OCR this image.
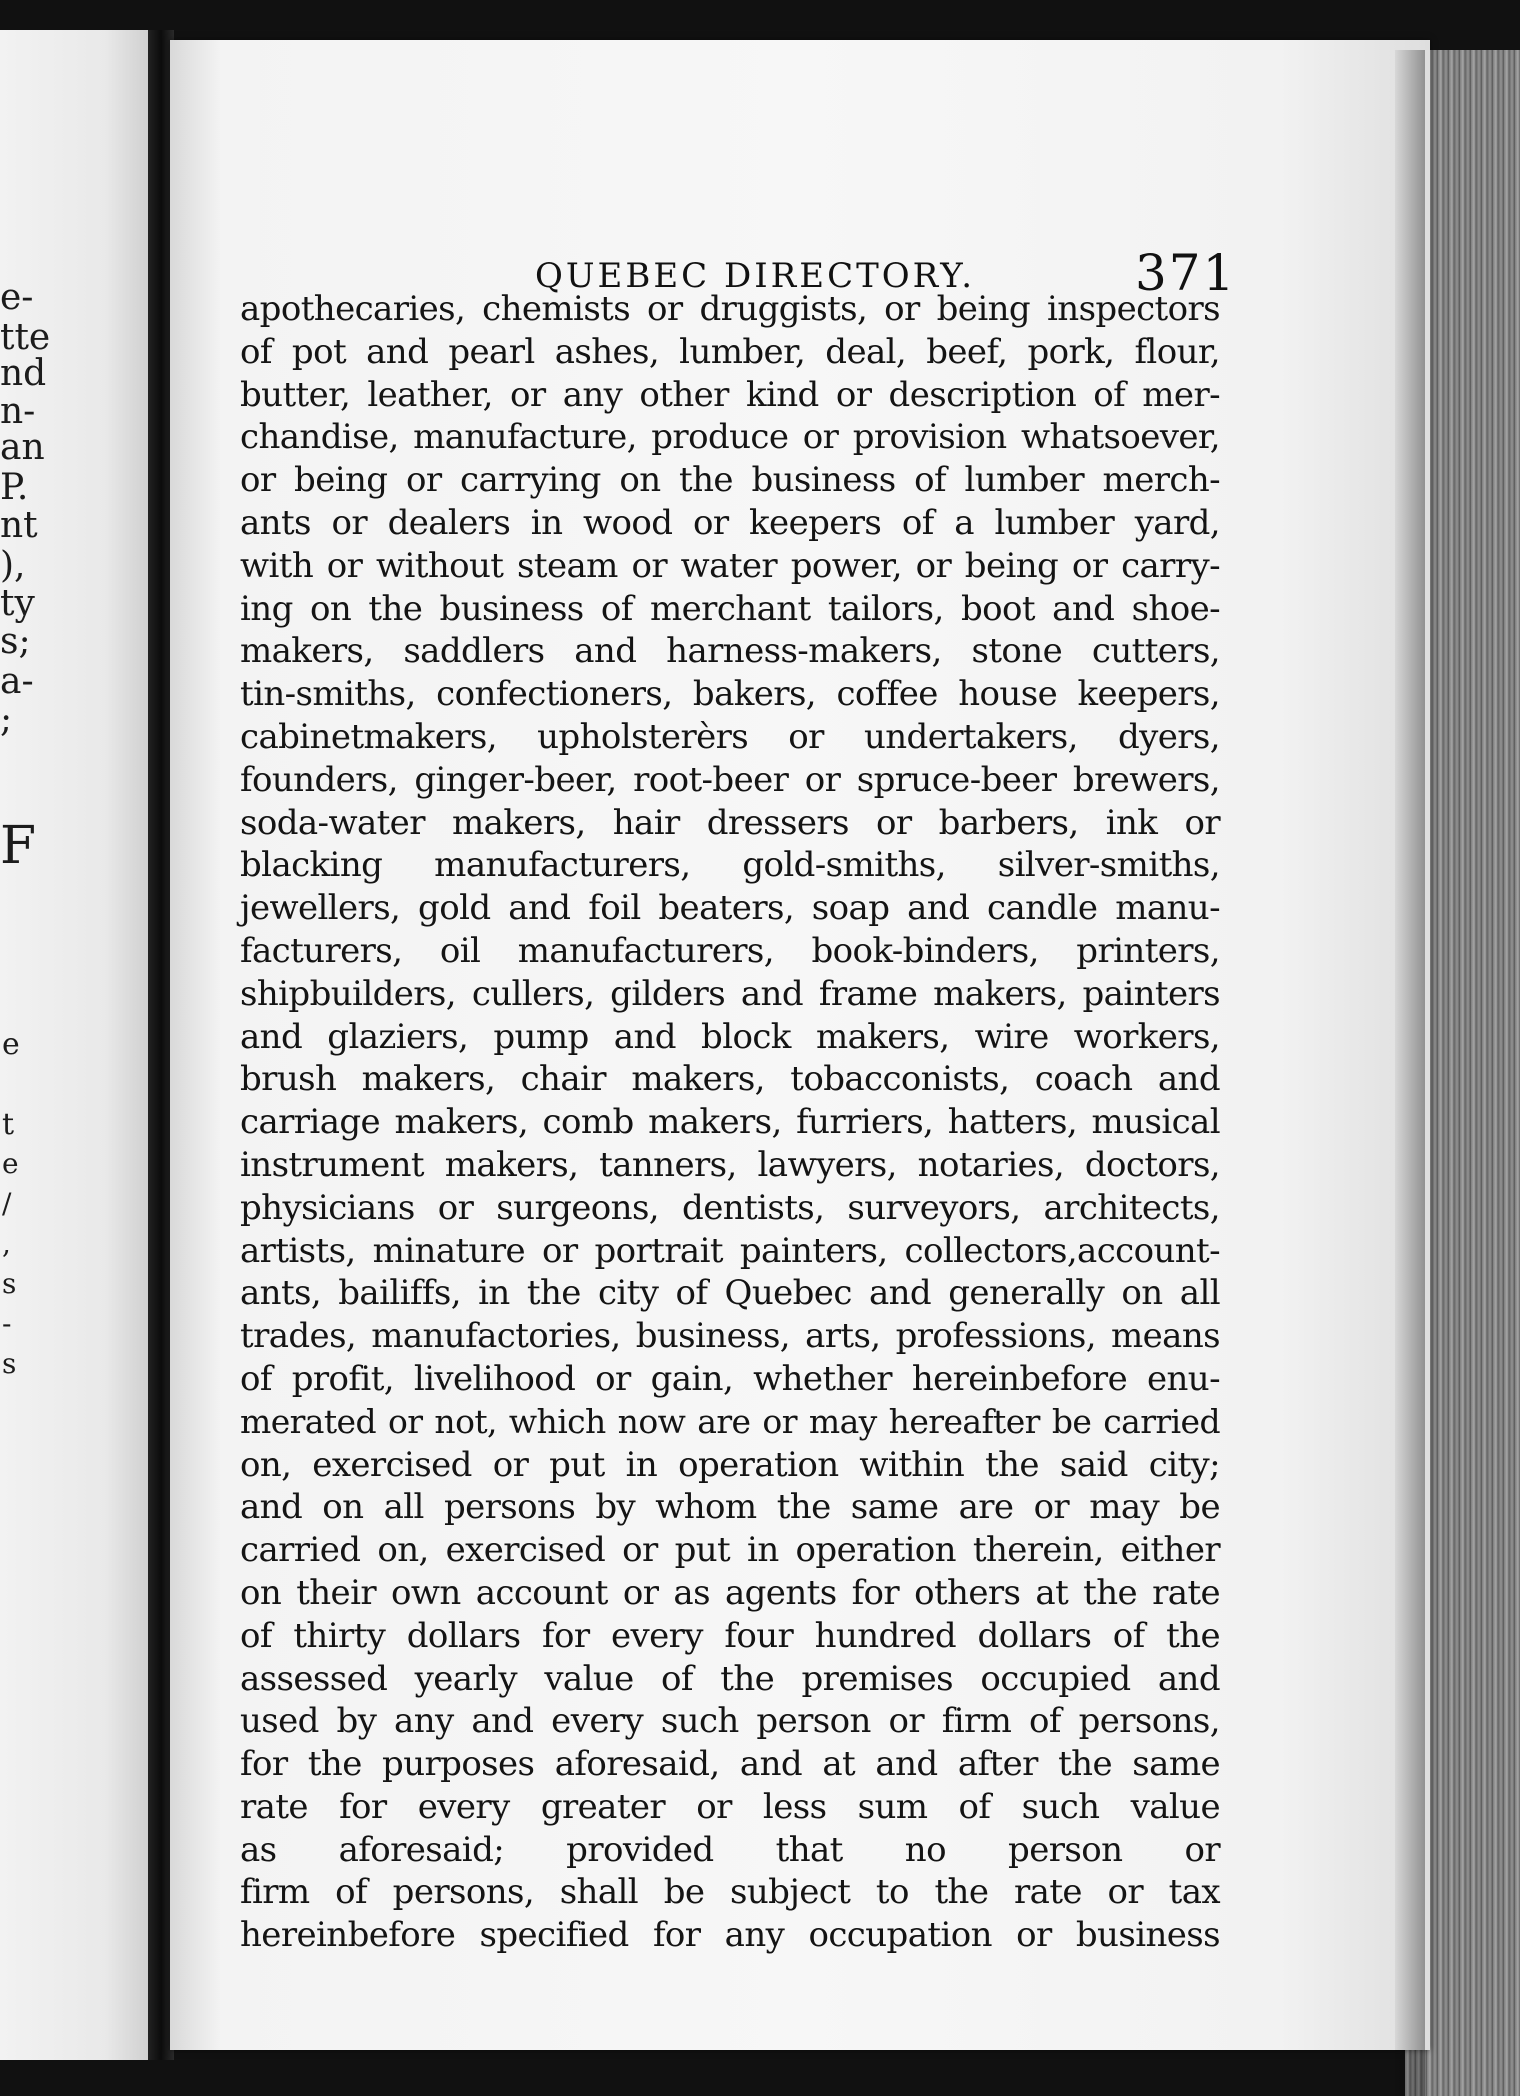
e-
tte
nd
n-
an
P.
nt
),
ty
s;
a-
;
F
e
t
e
/
,
s
-
s
QUEBEC DIRECTORY.	371
apothecaries, chemists or druggists, or being inspectors
of pot and pearl ashes, lumber, deal, beef, pork, flour,
butter, leather, or any other kind or description of mer-
chandise, manufacture, produce or provision whatsoever,
or being or carrying on the business of lumber merch-
ants or dealers in wood or keepers of a lumber yard,
with or without steam or water power, or being or carry-
ing on the business of merchant tailors, boot and shoe-
makers, saddlers and harness-makers, stone cutters,
tin-smiths, confectioners, bakers, coffee house keepers,
cabinetmakers, upholsterèrs or undertakers, dyers,
founders, ginger-beer, root-beer or spruce-beer brewers,
soda-water makers, hair dressers or barbers, ink or
blacking manufacturers, gold-smiths, silver-smiths,
jewellers, gold and foil beaters, soap and candle manu-
facturers, oil manufacturers, book-binders, printers,
shipbuilders, cullers, gilders and frame makers, painters
and glaziers, pump and block makers, wire workers,
brush makers, chair makers, tobacconists, coach and
carriage makers, comb makers, furriers, hatters, musical
instrument makers, tanners, lawyers, notaries, doctors,
physicians or surgeons, dentists, surveyors, architects,
artists, minature or portrait painters, collectors,account-
ants, bailiffs, in the city of Quebec and generally on all
trades, manufactories, business, arts, professions, means
of profit, livelihood or gain, whether hereinbefore enu-
merated or not, which now are or may hereafter be carried
on, exercised or put in operation within the said city;
and on all persons by whom the same are or may be
carried on, exercised or put in operation therein, either
on their own account or as agents for others at the rate
of thirty dollars for every four hundred dollars of the
assessed yearly value of the premises occupied and
used by any and every such person or firm of persons,
for the purposes aforesaid, and at and after the same
rate for every greater or less sum of such value
as aforesaid; provided that no person or
firm of persons, shall be subject to the rate or tax
hereinbefore specified for any occupation or business
